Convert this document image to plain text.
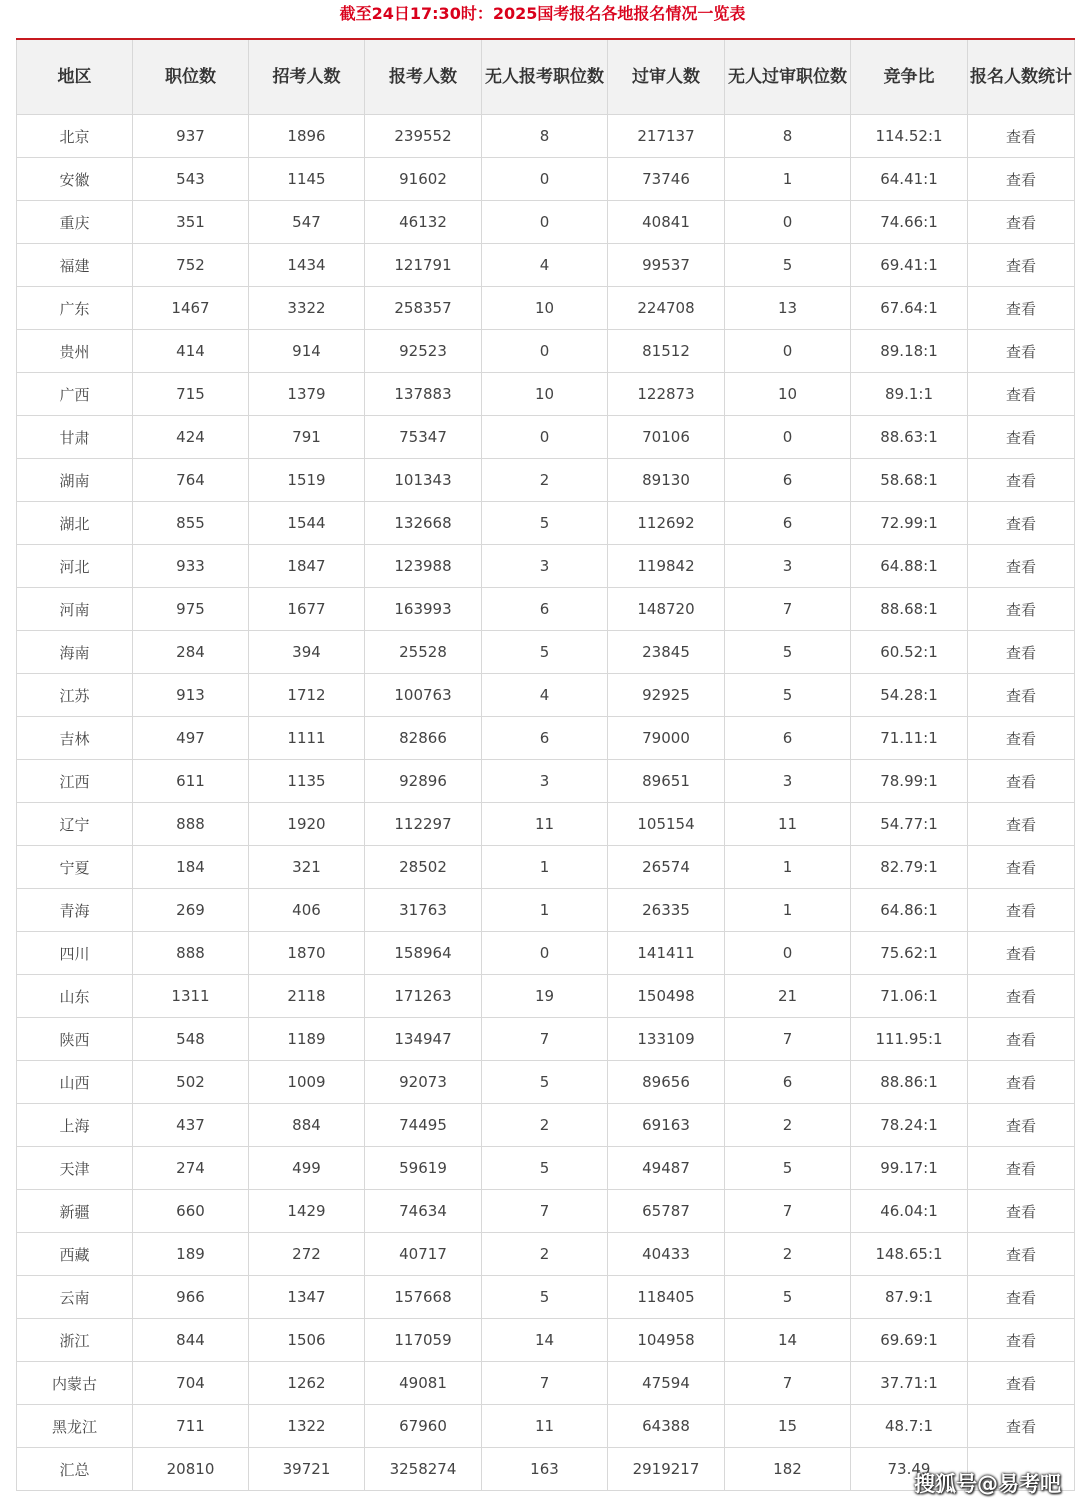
截至24日17:30时：2025国考报名各地报名情况一览表
地区	职位数	招考人数	报考人数	无人报考职位数	过审人数	无人过审职位数	竞争比	报名人数统计
北京	937	1896	239552	8	217137	8	114.52:1	查看
安徽	543	1145	91602	0	73746	1	64.41:1	查看
重庆	351	547	46132	0	40841	0	74.66:1	查看
福建	752	1434	121791	4	99537	5	69.41:1	查看
广东	1467	3322	258357	10	224708	13	67.64:1	查看
贵州	414	914	92523	0	81512	0	89.18:1	查看
广西	715	1379	137883	10	122873	10	89.1:1	查看
甘肃	424	791	75347	0	70106	0	88.63:1	查看
湖南	764	1519	101343	2	89130	6	58.68:1	查看
湖北	855	1544	132668	5	112692	6	72.99:1	查看
河北	933	1847	123988	3	119842	3	64.88:1	查看
河南	975	1677	163993	6	148720	7	88.68:1	查看
海南	284	394	25528	5	23845	5	60.52:1	查看
江苏	913	1712	100763	4	92925	5	54.28:1	查看
吉林	497	1111	82866	6	79000	6	71.11:1	查看
江西	611	1135	92896	3	89651	3	78.99:1	查看
辽宁	888	1920	112297	11	105154	11	54.77:1	查看
宁夏	184	321	28502	1	26574	1	82.79:1	查看
青海	269	406	31763	1	26335	1	64.86:1	查看
四川	888	1870	158964	0	141411	0	75.62:1	查看
山东	1311	2118	171263	19	150498	21	71.06:1	查看
陕西	548	1189	134947	7	133109	7	111.95:1	查看
山西	502	1009	92073	5	89656	6	88.86:1	查看
上海	437	884	74495	2	69163	2	78.24:1	查看
天津	274	499	59619	5	49487	5	99.17:1	查看
新疆	660	1429	74634	7	65787	7	46.04:1	查看
西藏	189	272	40717	2	40433	2	148.65:1	查看
云南	966	1347	157668	5	118405	5	87.9:1	查看
浙江	844	1506	117059	14	104958	14	69.69:1	查看
内蒙古	704	1262	49081	7	47594	7	37.71:1	查看
黑龙江	711	1322	67960	11	64388	15	48.7:1	查看
汇总	20810	39721	3258274	163	2919217	182	73.49	
搜狐号@易考吧
